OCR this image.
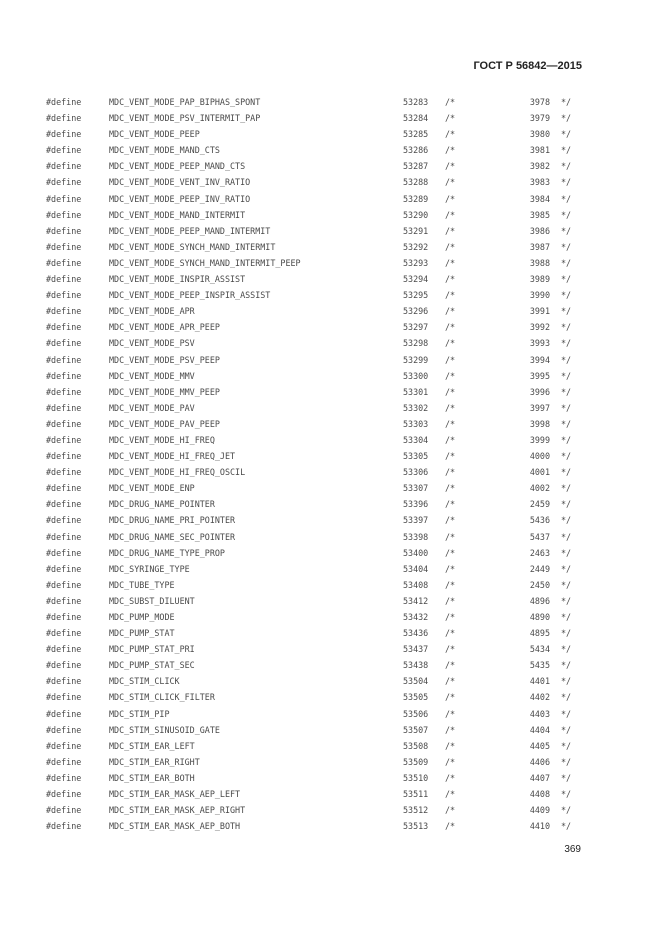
ГОСТ Р 56842—2015
#define	MDC_VENT_MODE_PAP_BIPHAS_SPONT	53283 /*	3978 */
#define	MDC_VENT_MODE_PSV_INTERMIT_PAP	53284 /*	3979 */
#define	MDC_VENT_MODE_PEEP	53285 /*	3980 */
#define	MDC_VENT_MODE_MAND_CTS	53286 /*	3981 */
#define	MDC_VENT_MODE_PEEP_MAND_CTS	53287 /*	3982 */
#define	MDC_VENT_MODE_VENT_INV_RATIO	53288 /*	3983 */
#define	MDC_VENT_MODE_PEEP_INV_RATIO	53289 /*	3984 */
#define	MDC_VENT_MODE_MAND_INTERMIT	53290 /*	3985 */
#define	MDC_VENT_MODE_PEEP_MAND_INTERMIT	53291 /*	3986 */
#define	MDC_VENT_MODE_SYNCH_MAND_INTERMIT	53292 /*	3987 */
#define	MDC_VENT_MODE_SYNCH_MAND_INTERMIT_PEEP	53293 /*	3988 */
#define	MDC_VENT_MODE_INSPIR_ASSIST	53294 /*	3989 */
#define	MDC_VENT_MODE_PEEP_INSPIR_ASSIST	53295 /*	3990 */
#define	MDC_VENT_MODE_APR	53296 /*	3991 */
#define	MDC_VENT_MODE_APR_PEEP	53297 /*	3992 */
#define	MDC_VENT_MODE_PSV	53298 /*	3993 */
#define	MDC_VENT_MODE_PSV_PEEP	53299 /*	3994 */
#define	MDC_VENT_MODE_MMV	53300 /*	3995 */
#define	MDC_VENT_MODE_MMV_PEEP	53301 /*	3996 */
#define	MDC_VENT_MODE_PAV	53302 /*	3997 */
#define	MDC_VENT_MODE_PAV_PEEP	53303 /*	3998 */
#define	MDC_VENT_MODE_HI_FREQ	53304 /*	3999 */
#define	MDC_VENT_MODE_HI_FREQ_JET	53305 /*	4000 */
#define	MDC_VENT_MODE_HI_FREQ_OSCIL	53306 /*	4001 */
#define	MDC_VENT_MODE_ENP	53307 /*	4002 */
#define	MDC_DRUG_NAME_POINTER	53396 /*	2459 */
#define	MDC_DRUG_NAME_PRI_POINTER	53397 /*	5436 */
#define	MDC_DRUG_NAME_SEC_POINTER	53398 /*	5437 */
#define	MDC_DRUG_NAME_TYPE_PROP	53400 /*	2463 */
#define	MDC_SYRINGE_TYPE	53404 /*	2449 */
#define	MDC_TUBE_TYPE	53408 /*	2450 */
#define	MDC_SUBST_DILUENT	53412 /*	4896 */
#define	MDC_PUMP_MODE	53432 /*	4890 */
#define	MDC_PUMP_STAT	53436 /*	4895 */
#define	MDC_PUMP_STAT_PRI	53437 /*	5434 */
#define	MDC_PUMP_STAT_SEC	53438 /*	5435 */
#define	MDC_STIM_CLICK	53504 /*	4401 */
#define	MDC_STIM_CLICK_FILTER	53505 /*	4402 */
#define	MDC_STIM_PIP	53506 /*	4403 */
#define	MDC_STIM_SINUSOID_GATE	53507 /*	4404 */
#define	MDC_STIM_EAR_LEFT	53508 /*	4405 */
#define	MDC_STIM_EAR_RIGHT	53509 /*	4406 */
#define	MDC_STIM_EAR_BOTH	53510 /*	4407 */
#define	MDC_STIM_EAR_MASK_AEP_LEFT	53511 /*	4408 */
#define	MDC_STIM_EAR_MASK_AEP_RIGHT	53512 /*	4409 */
#define	MDC_STIM_EAR_MASK_AEP_BOTH	53513 /*	4410 */
369
